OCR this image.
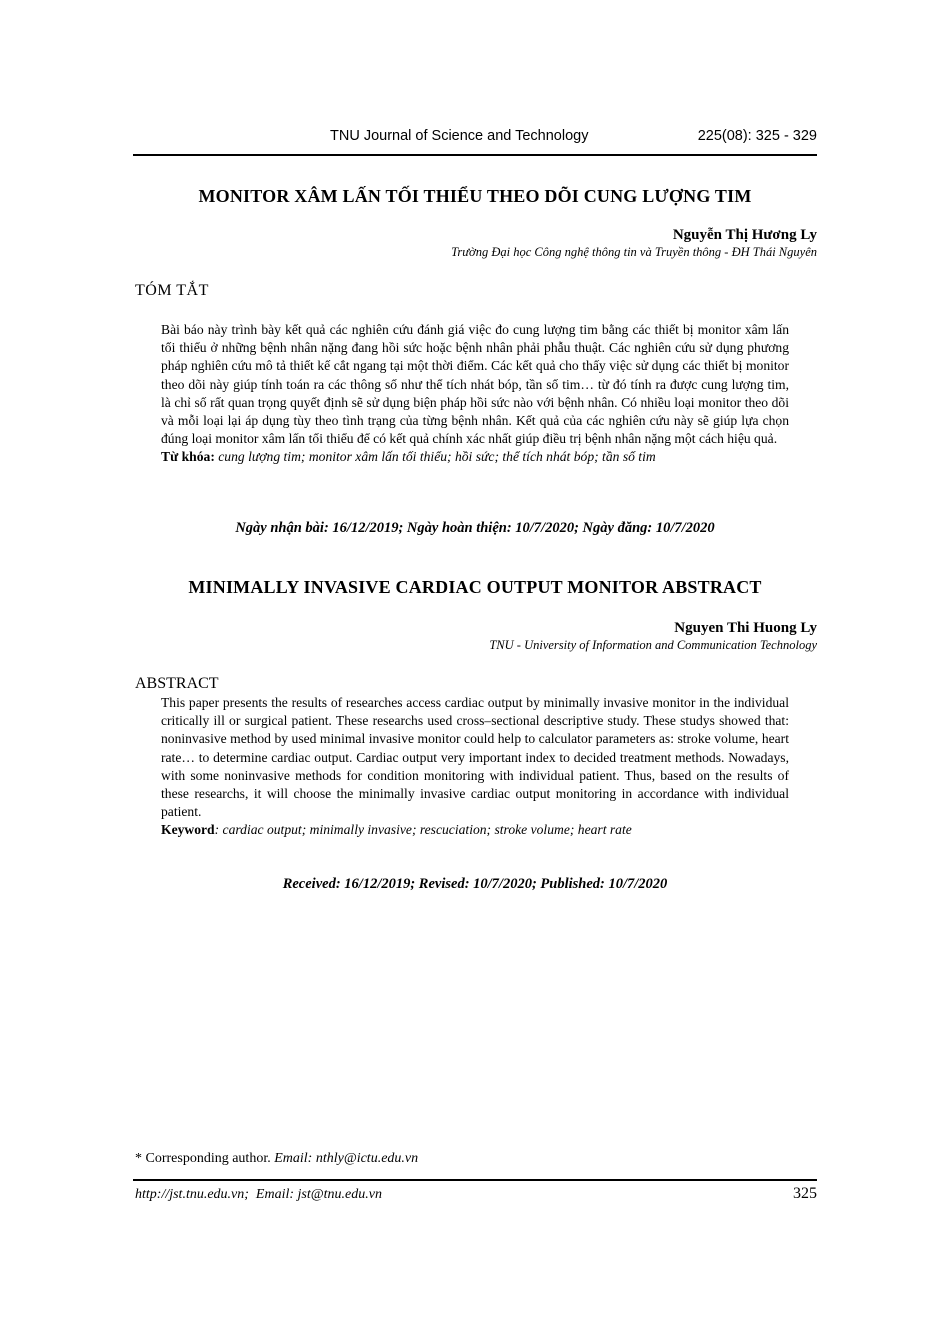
TNU Journal of Science and Technology	225(08): 325 - 329
MONITOR XÂM LẤN TỐI THIỂU THEO DÕI CUNG LƯỢNG TIM
Nguyễn Thị Hương Ly
Trường Đại học Công nghệ thông tin và Truyền thông - ĐH Thái Nguyên
TÓM TẮT

Bài báo này trình bày kết quả các nghiên cứu đánh giá việc đo cung lượng tim bằng các thiết bị monitor xâm lấn tối thiểu ở những bệnh nhân nặng đang hồi sức hoặc bệnh nhân phải phẫu thuật. Các nghiên cứu sử dụng phương pháp nghiên cứu mô tả thiết kế cắt ngang tại một thời điểm. Các kết quả cho thấy việc sử dụng các thiết bị monitor theo dõi này giúp tính toán ra các thông số như thể tích nhát bóp, tần số tim… từ đó tính ra được cung lượng tim, là chỉ số rất quan trọng quyết định sẽ sử dụng biện pháp hồi sức nào với bệnh nhân. Có nhiều loại monitor theo dõi và mỗi loại lại áp dụng tùy theo tình trạng của từng bệnh nhân. Kết quả của các nghiên cứu này sẽ giúp lựa chọn đúng loại monitor xâm lấn tối thiểu để có kết quả chính xác nhất giúp điều trị bệnh nhân nặng một cách hiệu quả.

Từ khóa: cung lượng tim; monitor xâm lấn tối thiểu; hồi sức; thể tích nhát bóp; tần số tim

Ngày nhận bài: 16/12/2019; Ngày hoàn thiện: 10/7/2020; Ngày đăng: 10/7/2020
MINIMALLY INVASIVE CARDIAC OUTPUT MONITOR ABSTRACT
Nguyen Thi Huong Ly
TNU - University of Information and Communication Technology
ABSTRACT

This paper presents the results of researches access cardiac output by minimally invasive monitor in the individual critically ill or surgical patient. These researchs used cross–sectional descriptive study. These studys showed that: noninvasive method by used minimal invasive monitor could help to calculator parameters as: stroke volume, heart rate… to determine cardiac output. Cardiac output very important index to decided treatment methods. Nowadays, with some noninvasive methods for condition monitoring with individual patient. Thus, based on the results of these researchs, it will choose the minimally invasive cardiac output monitoring in accordance with individual patient.

Keyword: cardiac output; minimally invasive; rescuciation; stroke volume; heart rate

Received: 16/12/2019; Revised: 10/7/2020; Published: 10/7/2020
* Corresponding author. Email: nthly@ictu.edu.vn
http://jst.tnu.edu.vn;  Email: jst@tnu.edu.vn	325
